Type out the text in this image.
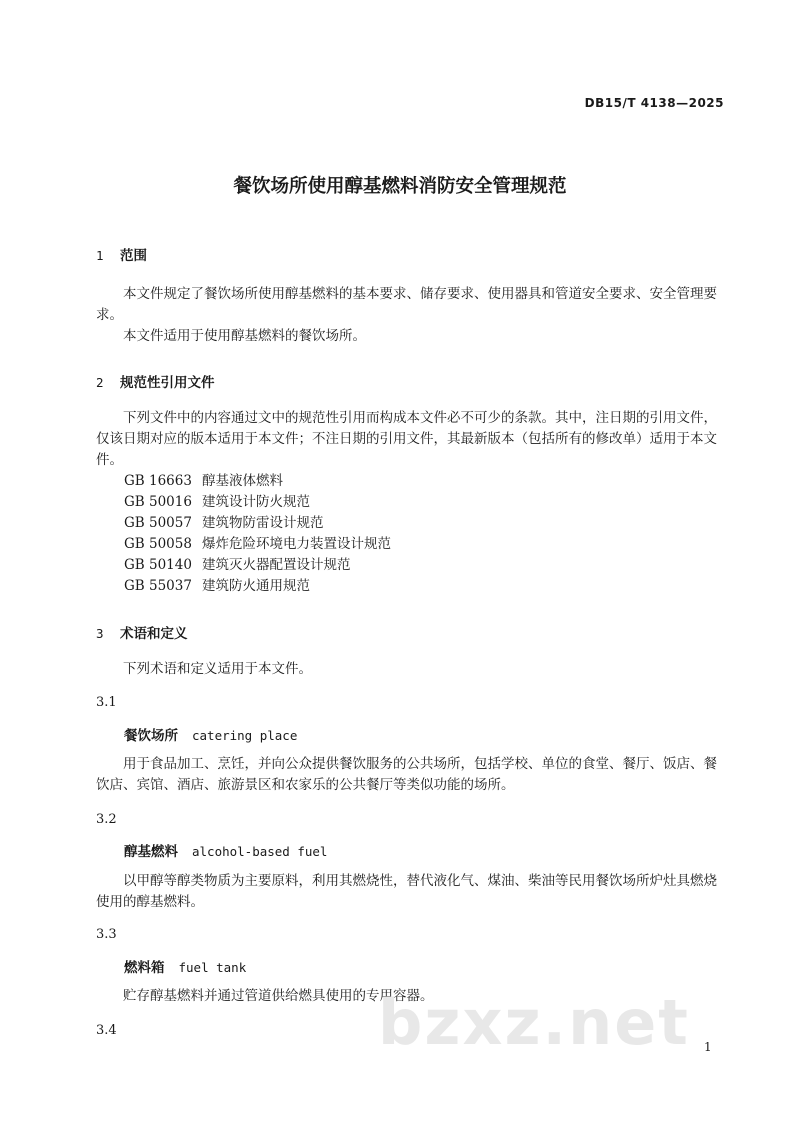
DB15/T 4138—2025
餐饮场所使用醇基燃料消防安全管理规范
1 范围

本文件规定了餐饮场所使用醇基燃料的基本要求、储存要求、使用器具和管道安全要求、安全管理要求。

本文件适用于使用醇基燃料的餐饮场所。

2 规范性引用文件

下列文件中的内容通过文中的规范性引用而构成本文件必不可少的条款。其中，注日期的引用文件，仅该日期对应的版本适用于本文件；不注日期的引用文件，其最新版本（包括所有的修改单）适用于本文件。

GB 16663 醇基液体燃料
GB 50016 建筑设计防火规范
GB 50057 建筑物防雷设计规范
GB 50058 爆炸危险环境电力装置设计规范
GB 50140 建筑灭火器配置设计规范
GB 55037 建筑防火通用规范
3 术语和定义

下列术语和定义适用于本文件。

3.1
餐饮场所 catering place

用于食品加工、烹饪，并向公众提供餐饮服务的公共场所，包括学校、单位的食堂、餐厅、饭店、餐饮店、宾馆、酒店、旅游景区和农家乐的公共餐厅等类似功能的场所。

3.2
醇基燃料 alcohol-based fuel

以甲醇等醇类物质为主要原料，利用其燃烧性，替代液化气、煤油、柴油等民用餐饮场所炉灶具燃烧使用的醇基燃料。

3.3
燃料箱 fuel tank

贮存醇基燃料并通过管道供给燃具使用的专用容器。

3.4	bzxz.net 1
